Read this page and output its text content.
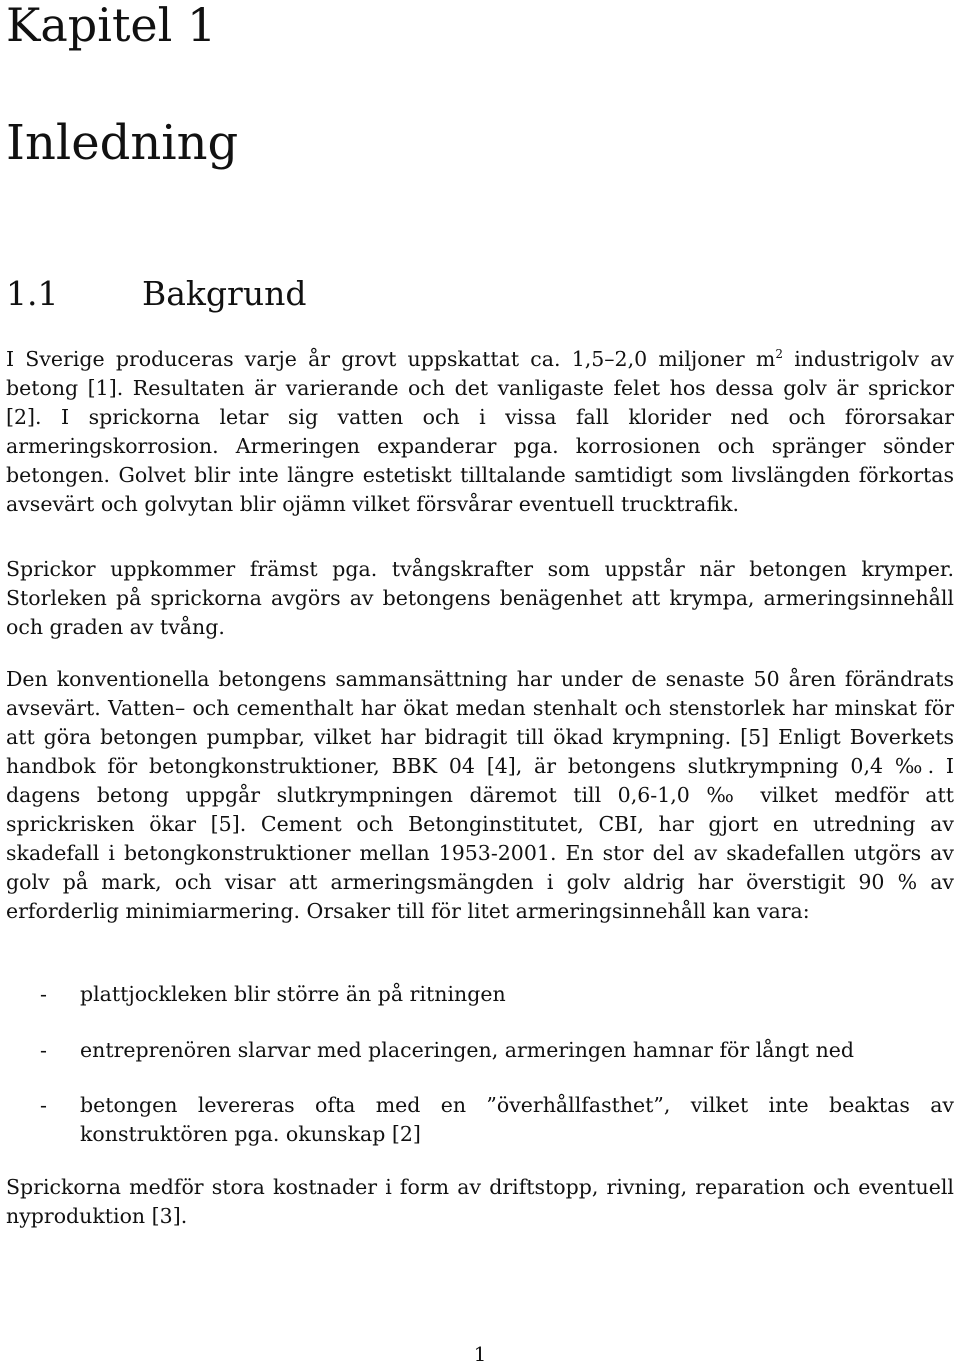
Kapitel 1
Inledning
1.1	Bakgrund

I Sverige produceras varje år grovt uppskattat ca. 1,5–2,0 miljoner $m^2$ industrigolv av betong [1]. Resultaten är varierande och det vanligaste felet hos dessa golv är sprickor [2]. I sprickorna letar sig vatten och i vissa fall klorider ned och förorsakar armeringskorrosion. Armeringen expanderar pga. korrosionen och spränger sönder betongen. Golvet blir inte längre estetiskt tilltalande samtidigt som livslängden förkortas avsevärt och golvytan blir ojämn vilket försvårar eventuell trucktrafik.

Sprickor uppkommer främst pga. tvångskrafter som uppstår när betongen krymper. Storleken på sprickorna avgörs av betongens benägenhet att krympa, armeringsinnehåll och graden av tvång.

Den konventionella betongens sammansättning har under de senaste 50 åren förändrats avsevärt. Vatten– och cementhalt har ökat medan stenhalt och stenstorlek har minskat för att göra betongen pumpbar, vilket har bidragit till ökad krympning. [5] Enligt Boverkets handbok för betongkonstruktioner, BBK 04 [4], är betongens slutkrympning 0,4 ‰. I dagens betong uppgår slutkrympningen däremot till 0,6-1,0 ‰ vilket medför att sprickrisken ökar [5]. Cement och Betonginstitutet, CBI, har gjort en utredning av skadefall i betongkonstruktioner mellan 1953-2001. En stor del av skadefallen utgörs av golv på mark, och visar att armeringsmängden i golv aldrig har överstigit 90 % av erforderlig minimiarmering. Orsaker till för litet armeringsinnehåll kan vara:

- plattjockleken blir större än på ritningen
- entreprenören slarvar med placeringen, armeringen hamnar för långt ned
- betongen levereras ofta med en ”överhållfasthet”, vilket inte beaktas av konstruktören pga. okunskap [2]

Sprickorna medför stora kostnader i form av driftstopp, rivning, reparation och eventuell nyproduktion [3].

1
